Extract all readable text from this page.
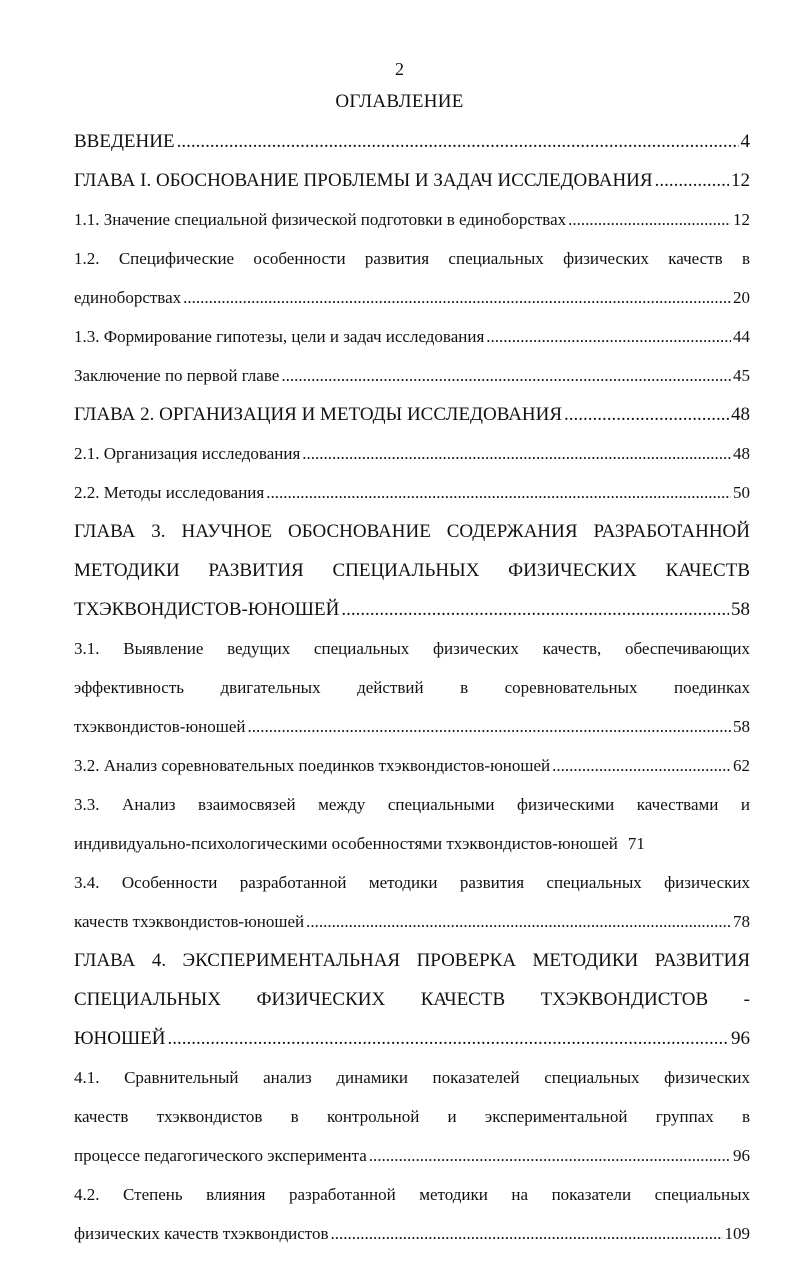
2
ОГЛАВЛЕНИЕ
ВВЕДЕНИЕ .....	4
ГЛАВА I. ОБОСНОВАНИЕ ПРОБЛЕМЫ И ЗАДАЧ ИССЛЕДОВАНИЯ .....	12
1.1. Значение специальной физической подготовки в единоборствах .....	12
1.2. Специфические особенности развития специальных физических качеств в
единоборствах .....	20
1.3. Формирование гипотезы, цели и задач исследования .....	44
Заключение по первой главе .....	45
ГЛАВА 2. ОРГАНИЗАЦИЯ И МЕТОДЫ ИССЛЕДОВАНИЯ .....	48
2.1. Организация исследования .....	48
2.2. Методы исследования .....	50
ГЛАВА 3. НАУЧНОЕ ОБОСНОВАНИЕ СОДЕРЖАНИЯ РАЗРАБОТАННОЙ
МЕТОДИКИ РАЗВИТИЯ СПЕЦИАЛЬНЫХ ФИЗИЧЕСКИХ КАЧЕСТВ
ТХЭКВОНДИСТОВ-ЮНОШЕЙ .....	58
3.1. Выявление ведущих специальных физических качеств, обеспечивающих
эффективность двигательных действий в соревновательных поединках
тхэквондистов-юношей .....	58
3.2. Анализ соревновательных поединков тхэквондистов-юношей .....	62
3.3. Анализ взаимосвязей между специальными физическими качествами и
индивидуально-психологическими особенностями тхэквондистов-юношей 71
3.4. Особенности разработанной методики развития специальных физических
качеств тхэквондистов-юношей .....	78
ГЛАВА 4. ЭКСПЕРИМЕНТАЛЬНАЯ ПРОВЕРКА МЕТОДИКИ РАЗВИТИЯ
СПЕЦИАЛЬНЫХ ФИЗИЧЕСКИХ КАЧЕСТВ ТХЭКВОНДИСТОВ -
ЮНОШЕЙ .....	96
4.1. Сравнительный анализ динамики показателей специальных физических
качеств тхэквондистов в контрольной и экспериментальной группах в
процессе педагогического эксперимента .....	96
4.2. Степень влияния разработанной методики на показатели специальных
физических качеств тхэквондистов .....	109
